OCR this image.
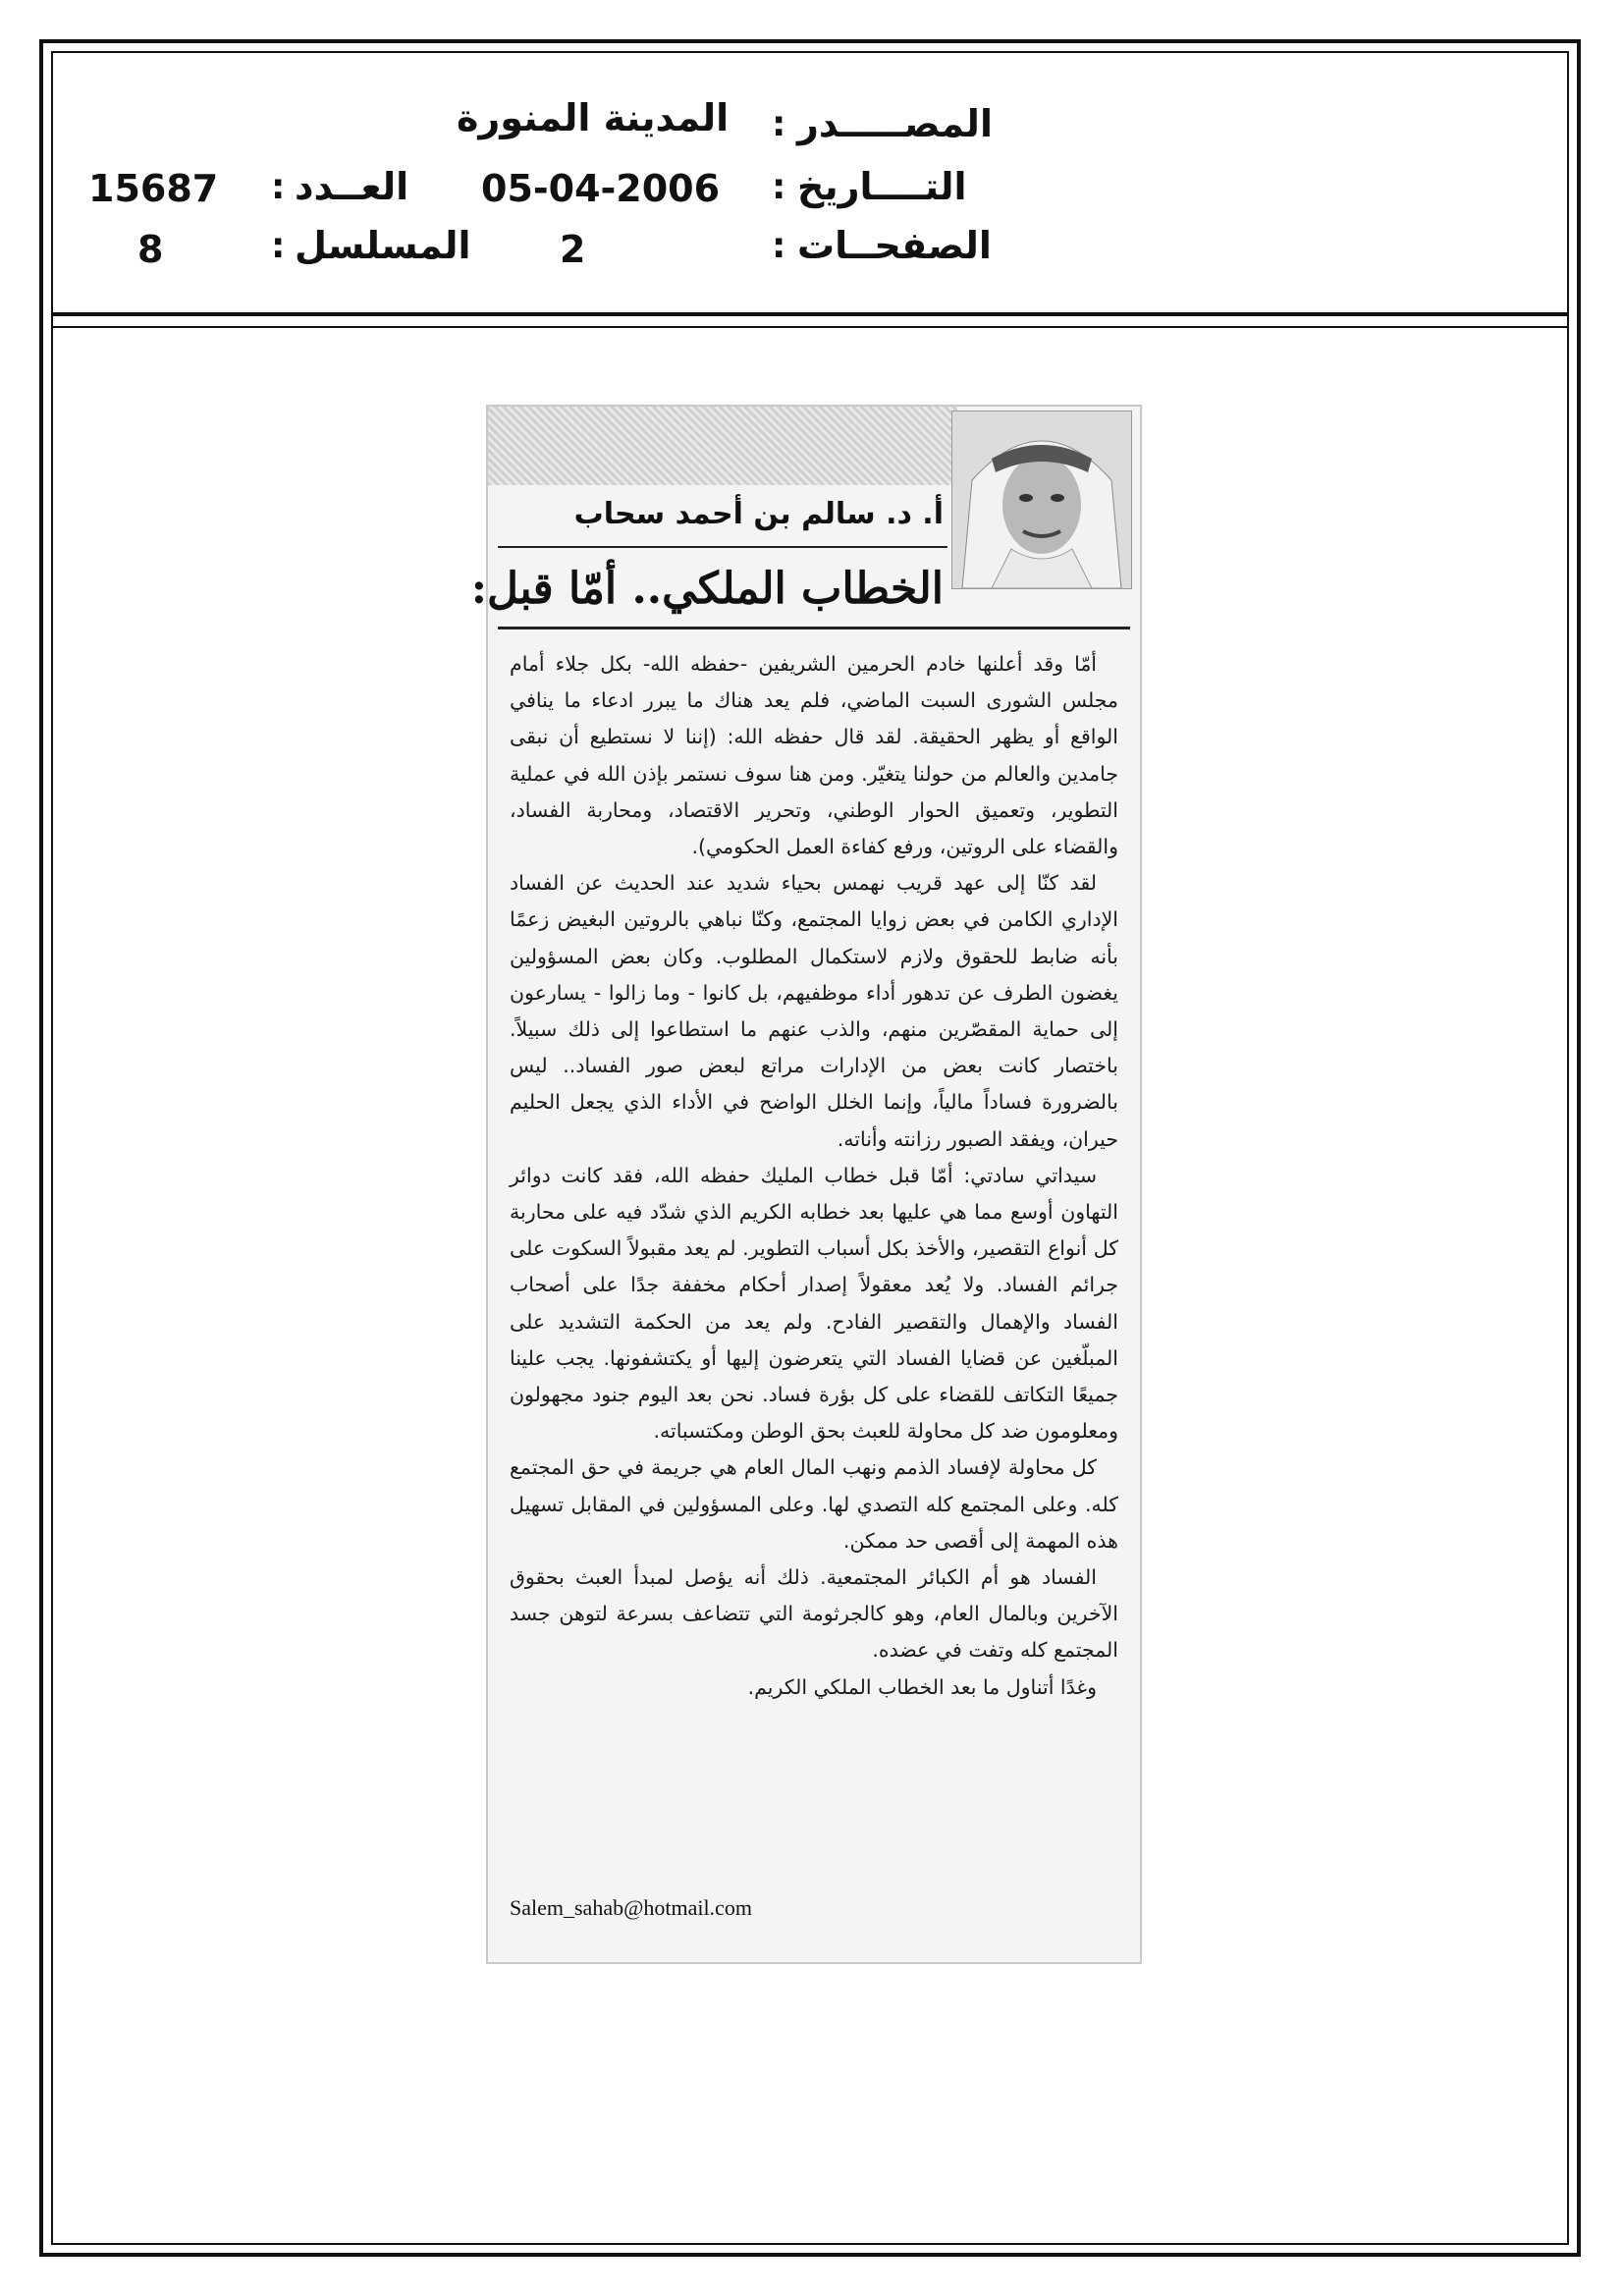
المصـــــدر
:
المدينة المنورة
التــــاريخ
:
05-04-2006
الصفحــات
:
2
العــدد
:
15687
المسلسل
:
8
أ. د. سالم بن أحمد سحاب
الخطاب الملكي.. أمّا قبل:

أمّا وقد أعلنها خادم الحرمين الشريفين -حفظه الله- بكل جلاء أمام مجلس الشورى السبت الماضي، فلم يعد هناك ما يبرر ادعاء ما ينافي الواقع أو يظهر الحقيقة. لقد قال حفظه الله: (إننا لا نستطيع أن نبقى جامدين والعالم من حولنا يتغيّر. ومن هنا سوف نستمر بإذن الله في عملية التطوير، وتعميق الحوار الوطني، وتحرير الاقتصاد، ومحاربة الفساد، والقضاء على الروتين، ورفع كفاءة العمل الحكومي).

لقد كنّا إلى عهد قريب نهمس بحياء شديد عند الحديث عن الفساد الإداري الكامن في بعض زوايا المجتمع، وكنّا نباهي بالروتين البغيض زعمًا بأنه ضابط للحقوق ولازم لاستكمال المطلوب. وكان بعض المسؤولين يغضون الطرف عن تدهور أداء موظفيهم، بل كانوا - وما زالوا - يسارعون إلى حماية المقصّرين منهم، والذب عنهم ما استطاعوا إلى ذلك سبيلاً. باختصار كانت بعض من الإدارات مراتع لبعض صور الفساد.. ليس بالضرورة فساداً مالياً، وإنما الخلل الواضح في الأداء الذي يجعل الحليم حيران، ويفقد الصبور رزانته وأناته.

سيداتي سادتي: أمّا قبل خطاب المليك حفظه الله، فقد كانت دوائر التهاون أوسع مما هي عليها بعد خطابه الكريم الذي شدّد فيه على محاربة كل أنواع التقصير، والأخذ بكل أسباب التطوير. لم يعد مقبولاً السكوت على جرائم الفساد. ولا يُعد معقولاً إصدار أحكام مخففة جدًا على أصحاب الفساد والإهمال والتقصير الفادح. ولم يعد من الحكمة التشديد على المبلّغين عن قضايا الفساد التي يتعرضون إليها أو يكتشفونها. يجب علينا جميعًا التكاتف للقضاء على كل بؤرة فساد. نحن بعد اليوم جنود مجهولون ومعلومون ضد كل محاولة للعبث بحق الوطن ومكتسباته.

كل محاولة لإفساد الذمم ونهب المال العام هي جريمة في حق المجتمع كله. وعلى المجتمع كله التصدي لها. وعلى المسؤولين في المقابل تسهيل هذه المهمة إلى أقصى حد ممكن.

الفساد هو أم الكبائر المجتمعية. ذلك أنه يؤصل لمبدأ العبث بحقوق الآخرين وبالمال العام، وهو كالجرثومة التي تتضاعف بسرعة لتوهن جسد المجتمع كله وتفت في عضده.

وغدًا أتناول ما بعد الخطاب الملكي الكريم.

Salem_sahab@hotmail.com
